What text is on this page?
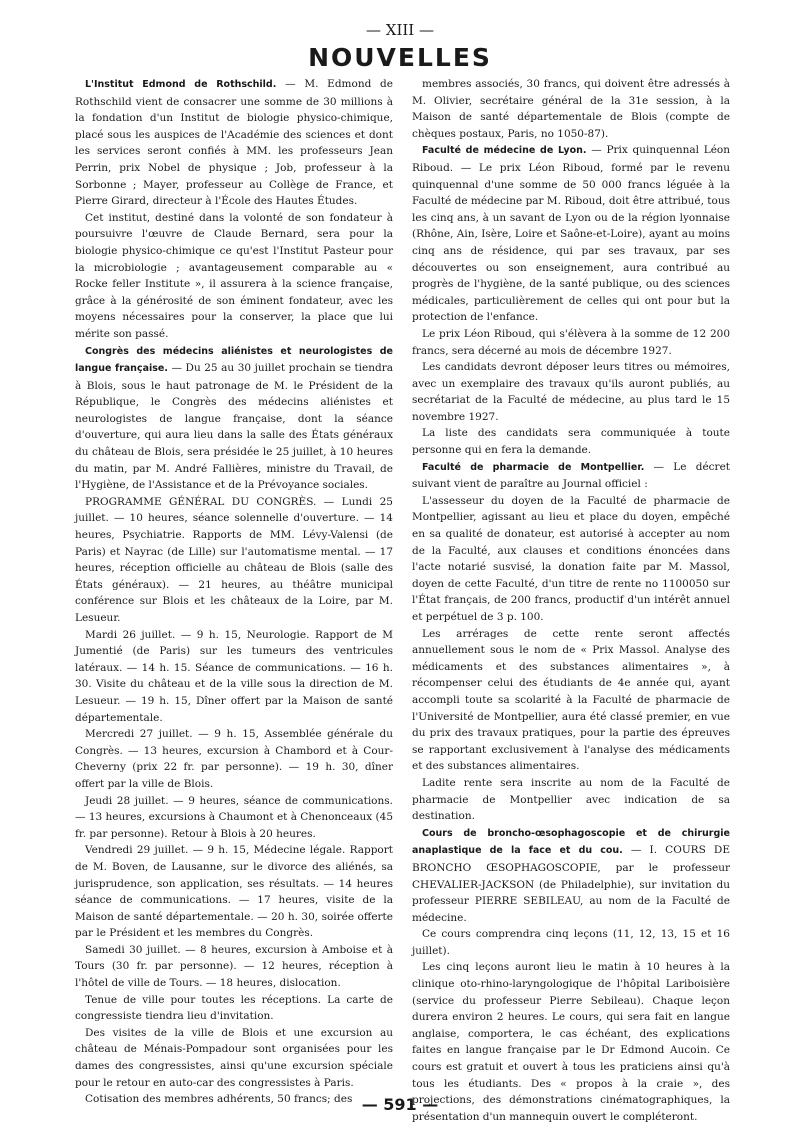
— XIII —
NOUVELLES

L'Institut Edmond de Rothschild. — M. Edmond de Rothschild vient de consacrer une somme de 30 millions à la fondation d'un Institut de biologie physico-chimique, placé sous les auspices de l'Académie des sciences et dont les services seront confiés à MM. les professeurs Jean Perrin, prix Nobel de physique ; Job, professeur à la Sorbonne ; Mayer, professeur au Collège de France, et Pierre Girard, directeur à l'École des Hautes Études.

Cet institut, destiné dans la volonté de son fondateur à poursuivre l'œuvre de Claude Bernard, sera pour la biologie physico-chimique ce qu'est l'Institut Pasteur pour la microbiologie ; avantageusement comparable au « Rocke feller Institute », il assurera à la science française, grâce à la générosité de son éminent fondateur, avec les moyens nécessaires pour la conserver, la place que lui mérite son passé.

Congrès des médecins aliénistes et neurologistes de langue française. — Du 25 au 30 juillet prochain se tiendra à Blois, sous le haut patronage de M. le Président de la République, le Congrès des médecins aliénistes et neurologistes de langue française, dont la séance d'ouverture, qui aura lieu dans la salle des États généraux du château de Blois, sera présidée le 25 juillet, à 10 heures du matin, par M. André Fallières, ministre du Travail, de l'Hygiène, de l'Assistance et de la Prévoyance sociales.

PROGRAMME GÉNÉRAL DU CONGRÈS. — Lundi 25 juillet. — 10 heures, séance solennelle d'ouverture. — 14 heures, Psychiatrie. Rapports de MM. Lévy-Valensi (de Paris) et Nayrac (de Lille) sur l'automatisme mental. — 17 heures, réception officielle au château de Blois (salle des États généraux). — 21 heures, au théâtre municipal conférence sur Blois et les châteaux de la Loire, par M. Lesueur.

Mardi 26 juillet. — 9 h. 15, Neurologie. Rapport de M Jumentié (de Paris) sur les tumeurs des ventricules latéraux. — 14 h. 15. Séance de communications. — 16 h. 30. Visite du château et de la ville sous la direction de M. Lesueur. — 19 h. 15, Dîner offert par la Maison de santé départementale.

Mercredi 27 juillet. — 9 h. 15, Assemblée générale du Congrès. — 13 heures, excursion à Chambord et à Cour-Cheverny (prix 22 fr. par personne). — 19 h. 30, dîner offert par la ville de Blois.

Jeudi 28 juillet. — 9 heures, séance de communications. — 13 heures, excursions à Chaumont et à Chenonceaux (45 fr. par personne). Retour à Blois à 20 heures.

Vendredi 29 juillet. — 9 h. 15, Médecine légale. Rapport de M. Boven, de Lausanne, sur le divorce des aliénés, sa jurisprudence, son application, ses résultats. — 14 heures séance de communications. — 17 heures, visite de la Maison de santé départementale. — 20 h. 30, soirée offerte par le Président et les membres du Congrès.

Samedi 30 juillet. — 8 heures, excursion à Amboise et à Tours (30 fr. par personne). — 12 heures, réception à l'hôtel de ville de Tours. — 18 heures, dislocation.

Tenue de ville pour toutes les réceptions. La carte de congressiste tiendra lieu d'invitation.

Des visites de la ville de Blois et une excursion au château de Ménais-Pompadour sont organisées pour les dames des congressistes, ainsi qu'une excursion spéciale pour le retour en auto-car des congressistes à Paris.

Cotisation des membres adhérents, 50 francs; des

membres associés, 30 francs, qui doivent être adressés à M. Olivier, secrétaire général de la 31e session, à la Maison de santé départementale de Blois (compte de chèques postaux, Paris, no 1050-87).

Faculté de médecine de Lyon. — Prix quinquennal Léon Riboud. — Le prix Léon Riboud, formé par le revenu quinquennal d'une somme de 50 000 francs léguée à la Faculté de médecine par M. Riboud, doit être attribué, tous les cinq ans, à un savant de Lyon ou de la région lyonnaise (Rhône, Ain, Isère, Loire et Saône-et-Loire), ayant au moins cinq ans de résidence, qui par ses travaux, par ses découvertes ou son enseignement, aura contribué au progrès de l'hygiène, de la santé publique, ou des sciences médicales, particulièrement de celles qui ont pour but la protection de l'enfance.

Le prix Léon Riboud, qui s'élèvera à la somme de 12 200 francs, sera décerné au mois de décembre 1927.

Les candidats devront déposer leurs titres ou mémoires, avec un exemplaire des travaux qu'ils auront publiés, au secrétariat de la Faculté de médecine, au plus tard le 15 novembre 1927.

La liste des candidats sera communiquée à toute personne qui en fera la demande.

Faculté de pharmacie de Montpellier. — Le décret suivant vient de paraître au Journal officiel :

L'assesseur du doyen de la Faculté de pharmacie de Montpellier, agissant au lieu et place du doyen, empêché en sa qualité de donateur, est autorisé à accepter au nom de la Faculté, aux clauses et conditions énoncées dans l'acte notarié susvisé, la donation faite par M. Massol, doyen de cette Faculté, d'un titre de rente no 1100050 sur l'État français, de 200 francs, productif d'un intérêt annuel et perpétuel de 3 p. 100.

Les arrérages de cette rente seront affectés annuellement sous le nom de « Prix Massol. Analyse des médicaments et des substances alimentaires », à récompenser celui des étudiants de 4e année qui, ayant accompli toute sa scolarité à la Faculté de pharmacie de l'Université de Montpellier, aura été classé premier, en vue du prix des travaux pratiques, pour la partie des épreuves se rapportant exclusivement à l'analyse des médicaments et des substances alimentaires.

Ladite rente sera inscrite au nom de la Faculté de pharmacie de Montpellier avec indication de sa destination.

Cours de broncho-œsophagoscopie et de chirurgie anaplastique de la face et du cou. — I. COURS DE BRONCHO ŒSOPHAGOSCOPIE, par le professeur CHEVALIER-JACKSON (de Philadelphie), sur invitation du professeur PIERRE SEBILEAU, au nom de la Faculté de médecine.

Ce cours comprendra cinq leçons (11, 12, 13, 15 et 16 juillet).

Les cinq leçons auront lieu le matin à 10 heures à la clinique oto-rhino-laryngologique de l'hôpital Lariboisière (service du professeur Pierre Sebileau). Chaque leçon durera environ 2 heures. Le cours, qui sera fait en langue anglaise, comportera, le cas échéant, des explications faites en langue française par le Dr Edmond Aucoin. Ce cours est gratuit et ouvert à tous les praticiens ainsi qu'à tous les étudiants. Des « propos à la craie », des projections, des démonstrations cinématographiques, la présentation d'un mannequin ouvert le compléteront.

— 591 —
